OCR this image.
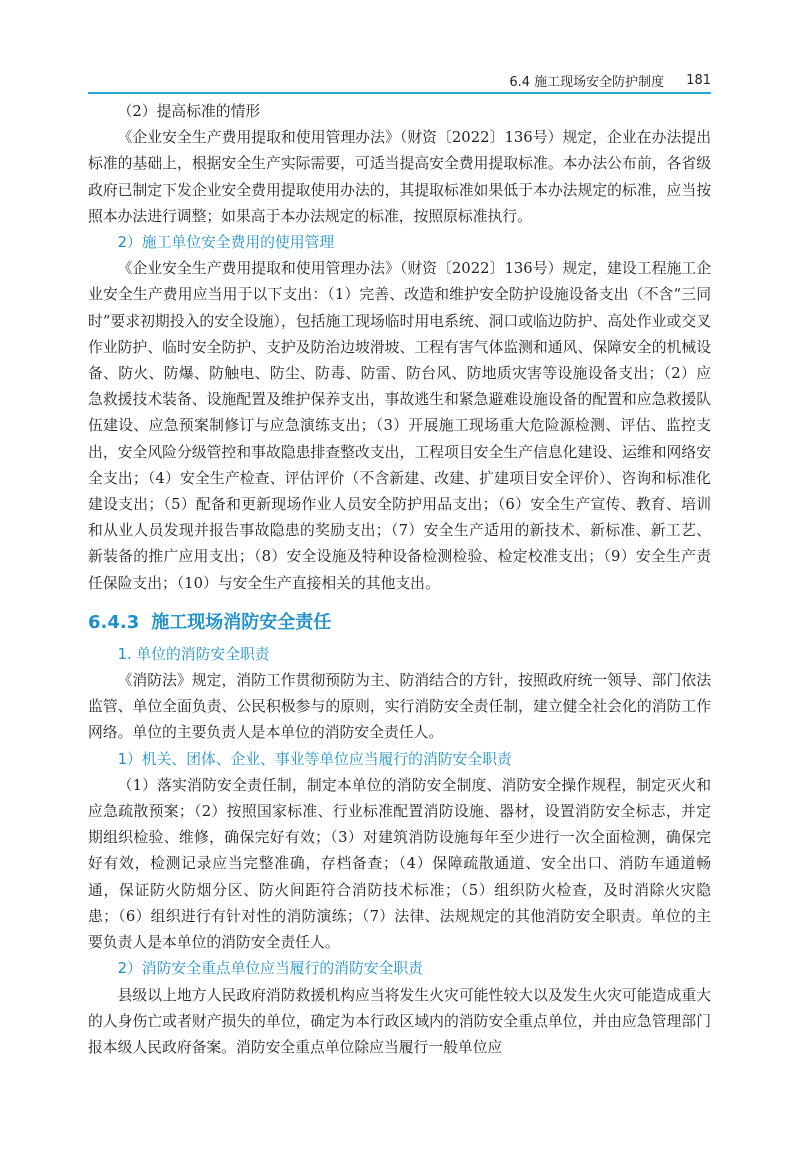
6.4 施工现场安全防护制度 181

（2）提高标准的情形

《企业安全生产费用提取和使用管理办法》（财资〔2022〕136号）规定，企业在办法提出标准的基础上，根据安全生产实际需要，可适当提高安全费用提取标准。本办法公布前，各省级政府已制定下发企业安全费用提取使用办法的，其提取标准如果低于本办法规定的标准，应当按照本办法进行调整；如果高于本办法规定的标准，按照原标准执行。

2）施工单位安全费用的使用管理

《企业安全生产费用提取和使用管理办法》（财资〔2022〕136号）规定，建设工程施工企业安全生产费用应当用于以下支出：（1）完善、改造和维护安全防护设施设备支出（不含“三同时”要求初期投入的安全设施），包括施工现场临时用电系统、洞口或临边防护、高处作业或交叉作业防护、临时安全防护、支护及防治边坡滑坡、工程有害气体监测和通风、保障安全的机械设备、防火、防爆、防触电、防尘、防毒、防雷、防台风、防地质灾害等设施设备支出；（2）应急救援技术装备、设施配置及维护保养支出，事故逃生和紧急避难设施设备的配置和应急救援队伍建设、应急预案制修订与应急演练支出；（3）开展施工现场重大危险源检测、评估、监控支出，安全风险分级管控和事故隐患排查整改支出，工程项目安全生产信息化建设、运维和网络安全支出；（4）安全生产检查、评估评价（不含新建、改建、扩建项目安全评价）、咨询和标准化建设支出；（5）配备和更新现场作业人员安全防护用品支出；（6）安全生产宣传、教育、培训和从业人员发现并报告事故隐患的奖励支出；（7）安全生产适用的新技术、新标准、新工艺、新装备的推广应用支出；（8）安全设施及特种设备检测检验、检定校准支出；（9）安全生产责任保险支出；（10）与安全生产直接相关的其他支出。

6.4.3 施工现场消防安全责任

1. 单位的消防安全职责

《消防法》规定，消防工作贯彻预防为主、防消结合的方针，按照政府统一领导、部门依法监管、单位全面负责、公民积极参与的原则，实行消防安全责任制，建立健全社会化的消防工作网络。单位的主要负责人是本单位的消防安全责任人。

1）机关、团体、企业、事业等单位应当履行的消防安全职责

（1）落实消防安全责任制，制定本单位的消防安全制度、消防安全操作规程，制定灭火和应急疏散预案；（2）按照国家标准、行业标准配置消防设施、器材，设置消防安全标志，并定期组织检验、维修，确保完好有效；（3）对建筑消防设施每年至少进行一次全面检测，确保完好有效，检测记录应当完整准确，存档备查；（4）保障疏散通道、安全出口、消防车通道畅通，保证防火防烟分区、防火间距符合消防技术标准；（5）组织防火检查，及时消除火灾隐患；（6）组织进行有针对性的消防演练；（7）法律、法规规定的其他消防安全职责。单位的主要负责人是本单位的消防安全责任人。

2）消防安全重点单位应当履行的消防安全职责

县级以上地方人民政府消防救援机构应当将发生火灾可能性较大以及发生火灾可能造成重大的人身伤亡或者财产损失的单位，确定为本行政区域内的消防安全重点单位，并由应急管理部门报本级人民政府备案。消防安全重点单位除应当履行一般单位应
